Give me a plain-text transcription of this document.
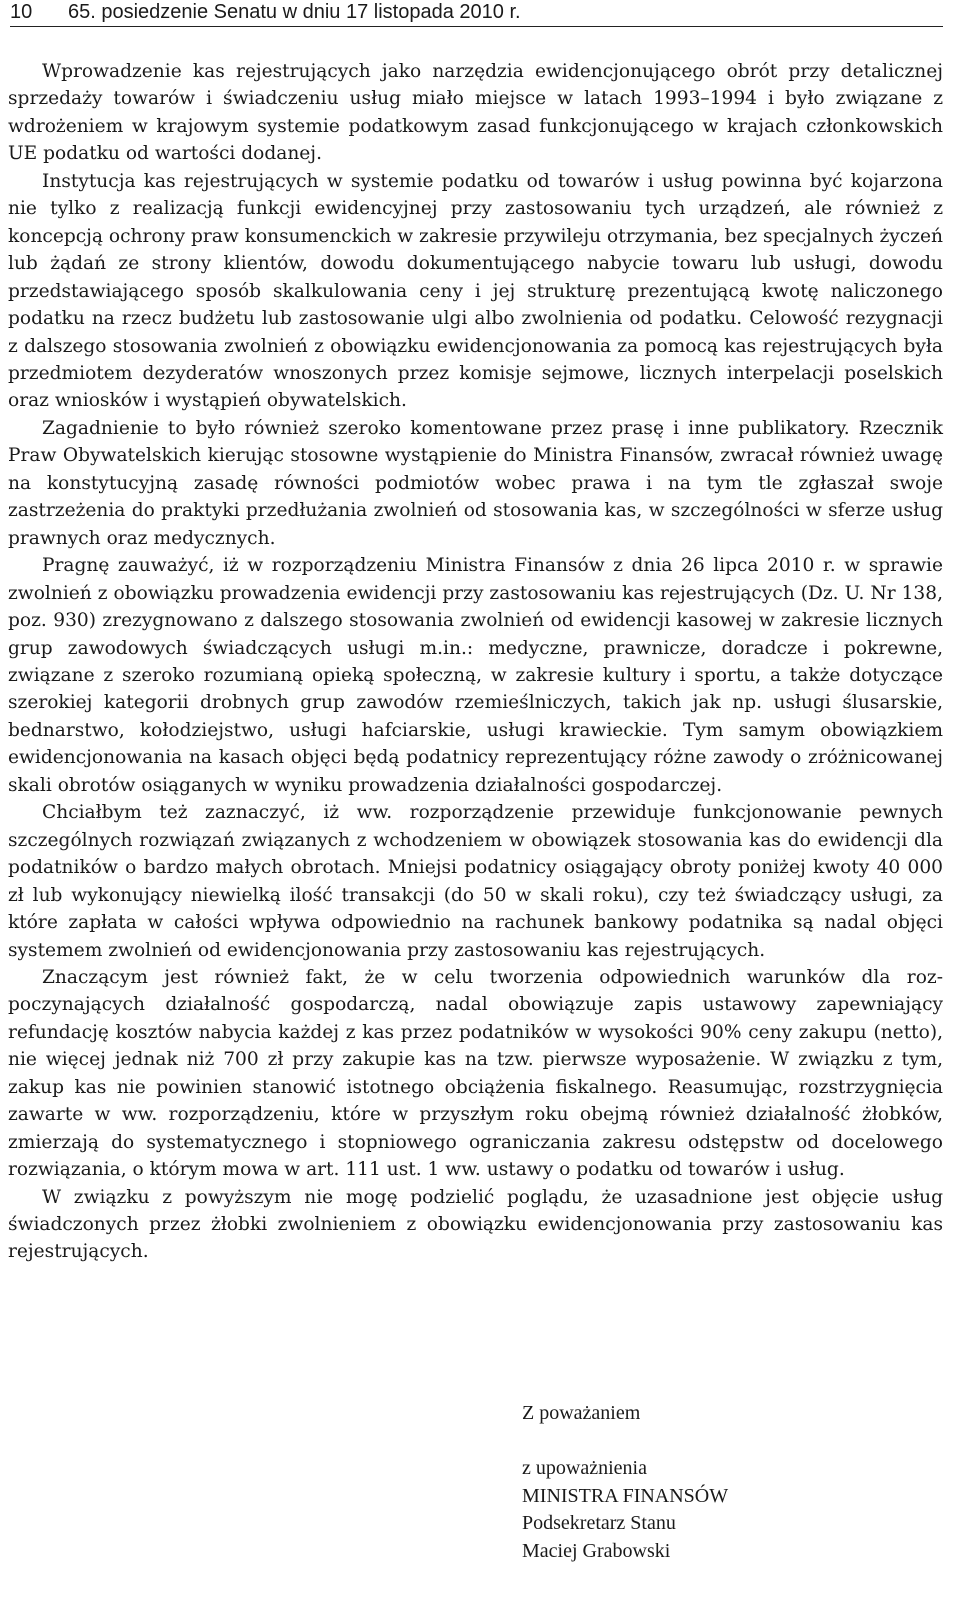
10 65. posiedzenie Senatu w dniu 17 listopada 2010 r.

Wprowadzenie kas rejestrujących jako narzędzia ewidencjonującego obrót przy detalicznej sprzedaży towarów i świadczeniu usług miało miejsce w latach 1993–1994 i było związane z wdrożeniem w krajowym systemie podatkowym zasad funkcjonującego w krajach członkowskich UE podatku od wartości dodanej.

Instytucja kas rejestrujących w systemie podatku od towarów i usług powinna być kojarzona nie tylko z realizacją funkcji ewidencyjnej przy zastosowaniu tych urządzeń, ale również z koncepcją ochrony praw konsumenckich w zakresie przywileju otrzymania, bez specjalnych życzeń lub żądań ze strony klientów, dowodu dokumentującego nabycie towaru lub usługi, dowodu przedstawiającego sposób skalkulowania ceny i jej strukturę prezentującą kwotę naliczonego podatku na rzecz budżetu lub zastosowanie ulgi albo zwolnienia od podatku. Celowość rezygnacji z dalszego stosowania zwolnień z obowiązku ewidencjonowania za pomocą kas rejestrujących była przedmiotem dezyderatów wnoszonych przez komisje sejmowe, licznych interpelacji poselskich oraz wniosków i wystąpień obywatelskich.

Zagadnienie to było również szeroko komentowane przez prasę i inne publikatory. Rzecznik Praw Obywatelskich kierując stosowne wystąpienie do Ministra Finansów, zwracał również uwagę na konstytucyjną zasadę równości podmiotów wobec prawa i na tym tle zgłaszał swoje zastrzeżenia do praktyki przedłużania zwolnień od stosowania kas, w szczególności w sferze usług prawnych oraz medycznych.

Pragnę zauważyć, iż w rozporządzeniu Ministra Finansów z dnia 26 lipca 2010 r. w sprawie zwolnień z obowiązku prowadzenia ewidencji przy zastosowaniu kas rejestrujących (Dz. U. Nr 138, poz. 930) zrezygnowano z dalszego stosowania zwolnień od ewidencji kasowej w zakresie licznych grup zawodowych świadczących usługi m.in.: medyczne, prawnicze, doradcze i pokrewne, związane z szeroko rozumianą opieką społeczną, w zakresie kultury i sportu, a także dotyczące szerokiej kategorii drobnych grup zawodów rzemieślniczych, takich jak np. usługi ślusarskie, bednarstwo, kołodziejstwo, usługi hafciarskie, usługi krawieckie. Tym samym obowiązkiem ewidencjonowania na kasach objęci będą podatnicy reprezentujący różne zawody o zróżnicowanej skali obrotów osiąganych w wyniku prowadzenia działalności gospodarczej.

Chciałbym też zaznaczyć, iż ww. rozporządzenie przewiduje funkcjonowanie pewnych szczególnych rozwiązań związanych z wchodzeniem w obowiązek stosowania kas do ewidencji dla podatników o bardzo małych obrotach. Mniejsi podatnicy osiągający obroty poniżej kwoty 40 000 zł lub wykonujący niewielką ilość transakcji (do 50 w skali roku), czy też świadczący usługi, za które zapłata w całości wpływa odpowiednio na rachunek bankowy podatnika są nadal objęci systemem zwolnień od ewidencjonowania przy zastosowaniu kas rejestrujących.

Znaczącym jest również fakt, że w celu tworzenia odpowiednich warunków dla rozpoczynających działalność gospodarczą, nadal obowiązuje zapis ustawowy zapewniający refundację kosztów nabycia każdej z kas przez podatników w wysokości 90% ceny zakupu (netto), nie więcej jednak niż 700 zł przy zakupie kas na tzw. pierwsze wyposażenie. W związku z tym, zakup kas nie powinien stanowić istotnego obciążenia fiskalnego. Reasumując, rozstrzygnięcia zawarte w ww. rozporządzeniu, które w przyszłym roku obejmą również działalność żłobków, zmierzają do systematycznego i stopniowego ograniczania zakresu odstępstw od docelowego rozwiązania, o którym mowa w art. 111 ust. 1 ww. ustawy o podatku od towarów i usług.

W związku z powyższym nie mogę podzielić poglądu, że uzasadnione jest objęcie usług świadczonych przez żłobki zwolnieniem z obowiązku ewidencjonowania przy zastosowaniu kas rejestrujących.

Z poważaniem
z upoważnienia
MINISTRA FINANSÓW
Podsekretarz Stanu
Maciej Grabowski
